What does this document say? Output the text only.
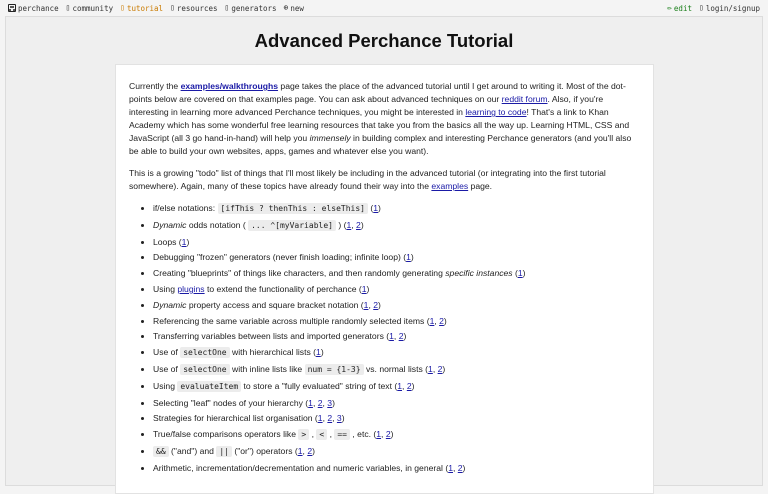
perchance ▯ community ▯ tutorial ▯ resources ▯ generators ⊕ new	✏ edit ▯ login/signup
Advanced Perchance Tutorial

Currently the examples/walkthroughs page takes the place of the advanced tutorial until I get around to writing it. Most of the dot-points below are covered on that examples page. You can ask about advanced techniques on our reddit forum. Also, if you're interesting in learning more advanced Perchance techniques, you might be interested in learning to code! That's a link to Khan Academy which has some wonderful free learning resources that take you from the basics all the way up. Learning HTML, CSS and JavaScript (all 3 go hand-in-hand) will help you immensely in building complex and interesting Perchance generators (and you'll also be able to build your own websites, apps, games and whatever else you want).

This is a growing "todo" list of things that I'll most likely be including in the advanced tutorial (or integrating into the first tutorial somewhere). Again, many of these topics have already found their way into the examples page.

• if/else notations: [ifThis ? thenThis : elseThis] (1)
• Dynamic odds notation ( ... ^[myVariable] ) (1, 2)
• Loops (1)
• Debugging "frozen" generators (never finish loading; infinite loop) (1)
• Creating "blueprints" of things like characters, and then randomly generating specific instances (1)
• Using plugins to extend the functionality of perchance (1)
• Dynamic property access and square bracket notation (1, 2)
• Referencing the same variable across multiple randomly selected items (1, 2)
• Transferring variables between lists and imported generators (1, 2)
• Use of selectOne with hierarchical lists (1)
• Use of selectOne with inline lists like num = {1-3} vs. normal lists (1, 2)
• Using evaluateItem to store a "fully evaluated" string of text (1, 2)
• Selecting "leaf" nodes of your hierarchy (1, 2, 3)
• Strategies for hierarchical list organisation (1, 2, 3)
• True/false comparisons operators like > , < , == , etc. (1, 2)
• && ("and") and || ("or") operators (1, 2)
• Arithmetic, incrementation/decrementation and numeric variables, in general (1, 2)
